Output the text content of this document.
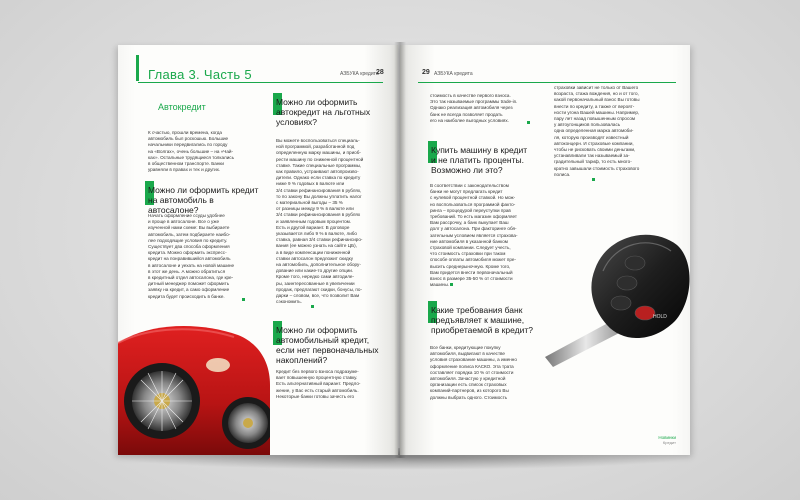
Глава 3. Часть 5	АЗБУКА кредита
28
Автокредит

К счастью, прошли времена, когда
автомобиль был роскошью. Большие
начальники передвигались по городу
на «Волгах», очень большие – на «Чай-
ках». Остальные трудящиеся толкались
в общественном транспорте. Банки
уравняли в правах и тех и других.

Можно ли оформить кредит
на автомобиль в автосалоне?

Начать оформление ссуды удобнее
и проще в автосалоне. Все о уже
изученной нами схеме: Вы выбираете
автомобиль, затем подбираете наибо-
лее подходящие условия по кредиту.
Существует два способа оформления
кредита. Можно оформить экспресс-
кредит на понравившийся автомобиль
в автосалоне и уехать на новой машине
в этот же день. А можно обратиться
в кредитный отдел автосалона, где кре-
дитный менеджер поможет оформить
заявку на кредит, а само оформление
кредита будет происходить в банке.

Можно ли оформить
автокредит на льготных
условиях?

Вы можете воспользоваться специаль-
ной программой, разработанной под
определенную марку машины, и приоб-
рести машину по сниженной процентной
ставке. Такие специальные программы,
как правило, устраивают автопроизво-
дители. Однако если ставка по кредиту
ниже 9 % годовых в валюте или
3/4 ставки рефинансирования в рублях,
то по закону Вы должны уплатить налог
с материальной выгоды – 35 %
от разницы между 9 % в валюте или
3/4 ставки рефинансирования в рублях
и заявленным годовым процентом.
Есть и другой вариант. В договоре
указывается либо 9 % в валюте, либо
ставка, равная 3/4 ставки рефинансиро-
вания (ее можно узнать на сайте ЦБ),
а в виде компенсации пониженной
ставки автосалон предложит скидку
на автомобиль, дополнительное обору-
дование или какие-то другие опции.
Кроме того, нередко сами автодиле-
ры, заинтересованные в увеличении
продаж, предлагают скидки, бонусы, по-
дарки – словом, все, что позволит Вам
сэкономить.

Можно ли оформить
автомобильный кредит,
если нет первоначальных
накоплений?

Кредит без первого взноса подразуме-
вает повышенную процентную ставку.
Есть альтернативный вариант. Предло-
жение, у Вас есть старый автомобиль.
Некоторые банки готовы зачесть его

29 АЗБУКА кредита

стоимость в качестве первого взноса.
Это так называемые программы trade-in.
Однако реализация автомобиля через
банк не всегда позволяет продать
его на наиболее выгодных условиях.

Купить машину в кредит
и не платить проценты.
Возможно ли это?

В соответствии с законодательством
банки не могут предлагать кредит
с нулевой процентной ставкой. Но мож-
но воспользоваться программой факто-
ринга – процедурой переуступки прав
требований. То есть магазин оформляет
Вам рассрочку, а банк выкупает Ваш
долг у автосалона. При факторинге обя-
зательным условием является страхова-
ние автомобиля в указанной банком
страховой компании. Следует учесть,
что стоимость страховки при таком
способе оплаты автомобиля может пре-
высить среднерыночную. Кроме того,
Вам придется внести первоначальный
взнос в размере 35-50 % от стоимости
машины.

Какие требования банк
предъявляет к машине,
приобретаемой в кредит?

Все банки, кредитующие покупку
автомобиля, выдвигают в качестве
условия страхование машины, а именно
оформление полиса КАСКО. Эта трата
составляет порядка 10 % от стоимости
автомобиля. Зачастую у кредитной
организации есть список страховых
компаний-партнеров, из которого Вы
должны выбрать одного. Стоимость

страховки зависит не только от Вашего
возраста, стажа вождения, но и от того,
какой первоначальный взнос Вы готовы
внести по кредиту, а также от вероят-
ности угона Вашей машины. Например,
пару лет назад повышенным спросом
у автоугонщиков пользовалась
одна определенная марка автомоби-
ля, которую производят известный
автоконцерн. И страховые компании,
чтобы не рисковать своими деньгами,
устанавливали так называемый за-
градительный тариф, то есть много-
кратно завышали стоимость страхового
полиса.

HOLD
Новинки
Кредит
